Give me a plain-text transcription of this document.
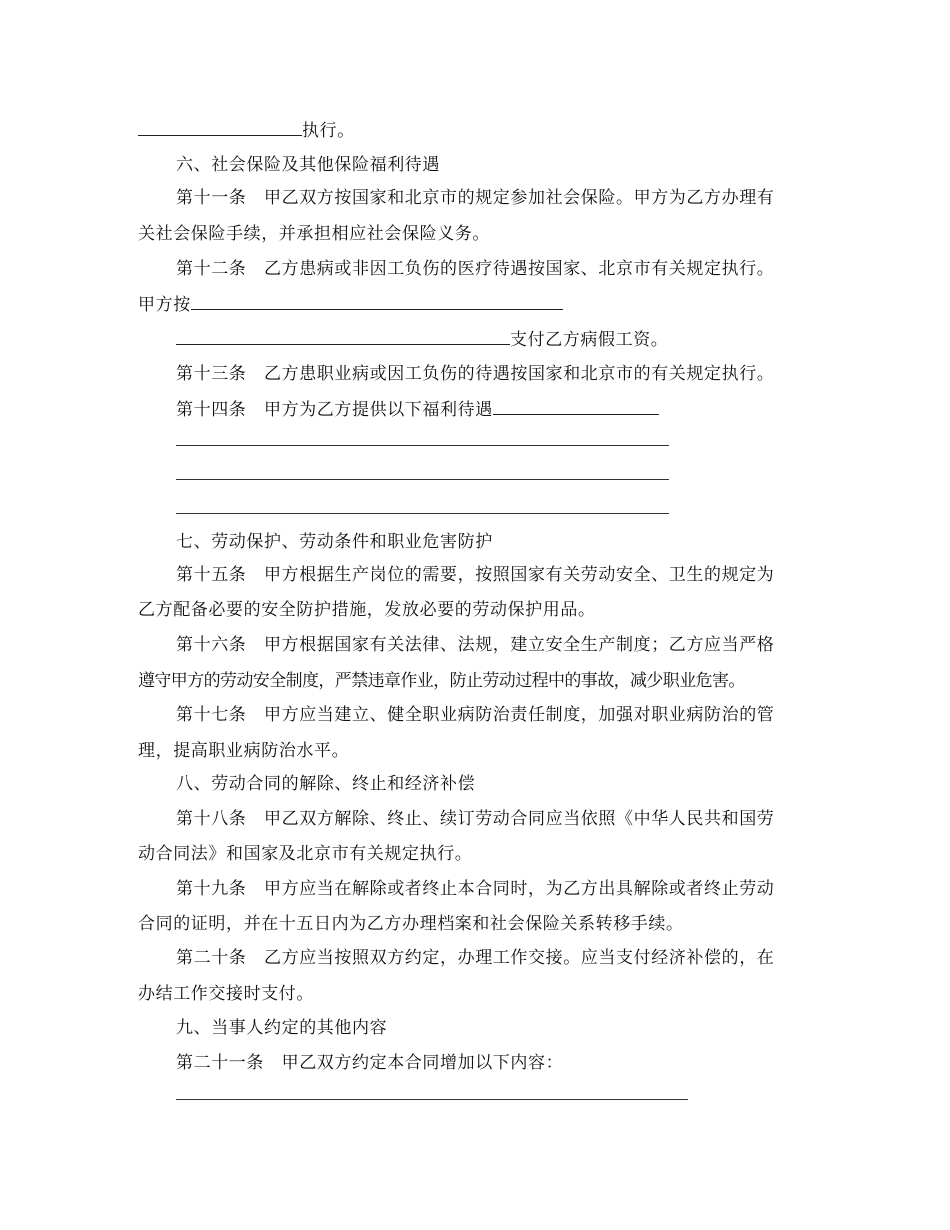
执行。
六、社会保险及其他保险福利待遇
第十一条　甲乙双方按国家和北京市的规定参加社会保险。甲方为乙方办理有
关社会保险手续，并承担相应社会保险义务。
第十二条　乙方患病或非因工负伤的医疗待遇按国家、北京市有关规定执行。
甲方按
支付乙方病假工资。
第十三条　乙方患职业病或因工负伤的待遇按国家和北京市的有关规定执行。
第十四条　甲方为乙方提供以下福利待遇
七、劳动保护、劳动条件和职业危害防护
第十五条　甲方根据生产岗位的需要，按照国家有关劳动安全、卫生的规定为
乙方配备必要的安全防护措施，发放必要的劳动保护用品。
第十六条　甲方根据国家有关法律、法规，建立安全生产制度；乙方应当严格
遵守甲方的劳动安全制度，严禁违章作业，防止劳动过程中的事故，减少职业危害。
第十七条　甲方应当建立、健全职业病防治责任制度，加强对职业病防治的管
理，提高职业病防治水平。
八、劳动合同的解除、终止和经济补偿
第十八条　甲乙双方解除、终止、续订劳动合同应当依照《中华人民共和国劳
动合同法》和国家及北京市有关规定执行。
第十九条　甲方应当在解除或者终止本合同时，为乙方出具解除或者终止劳动
合同的证明，并在十五日内为乙方办理档案和社会保险关系转移手续。
第二十条　乙方应当按照双方约定，办理工作交接。应当支付经济补偿的，在
办结工作交接时支付。
九、当事人约定的其他内容
第二十一条　甲乙双方约定本合同增加以下内容：
